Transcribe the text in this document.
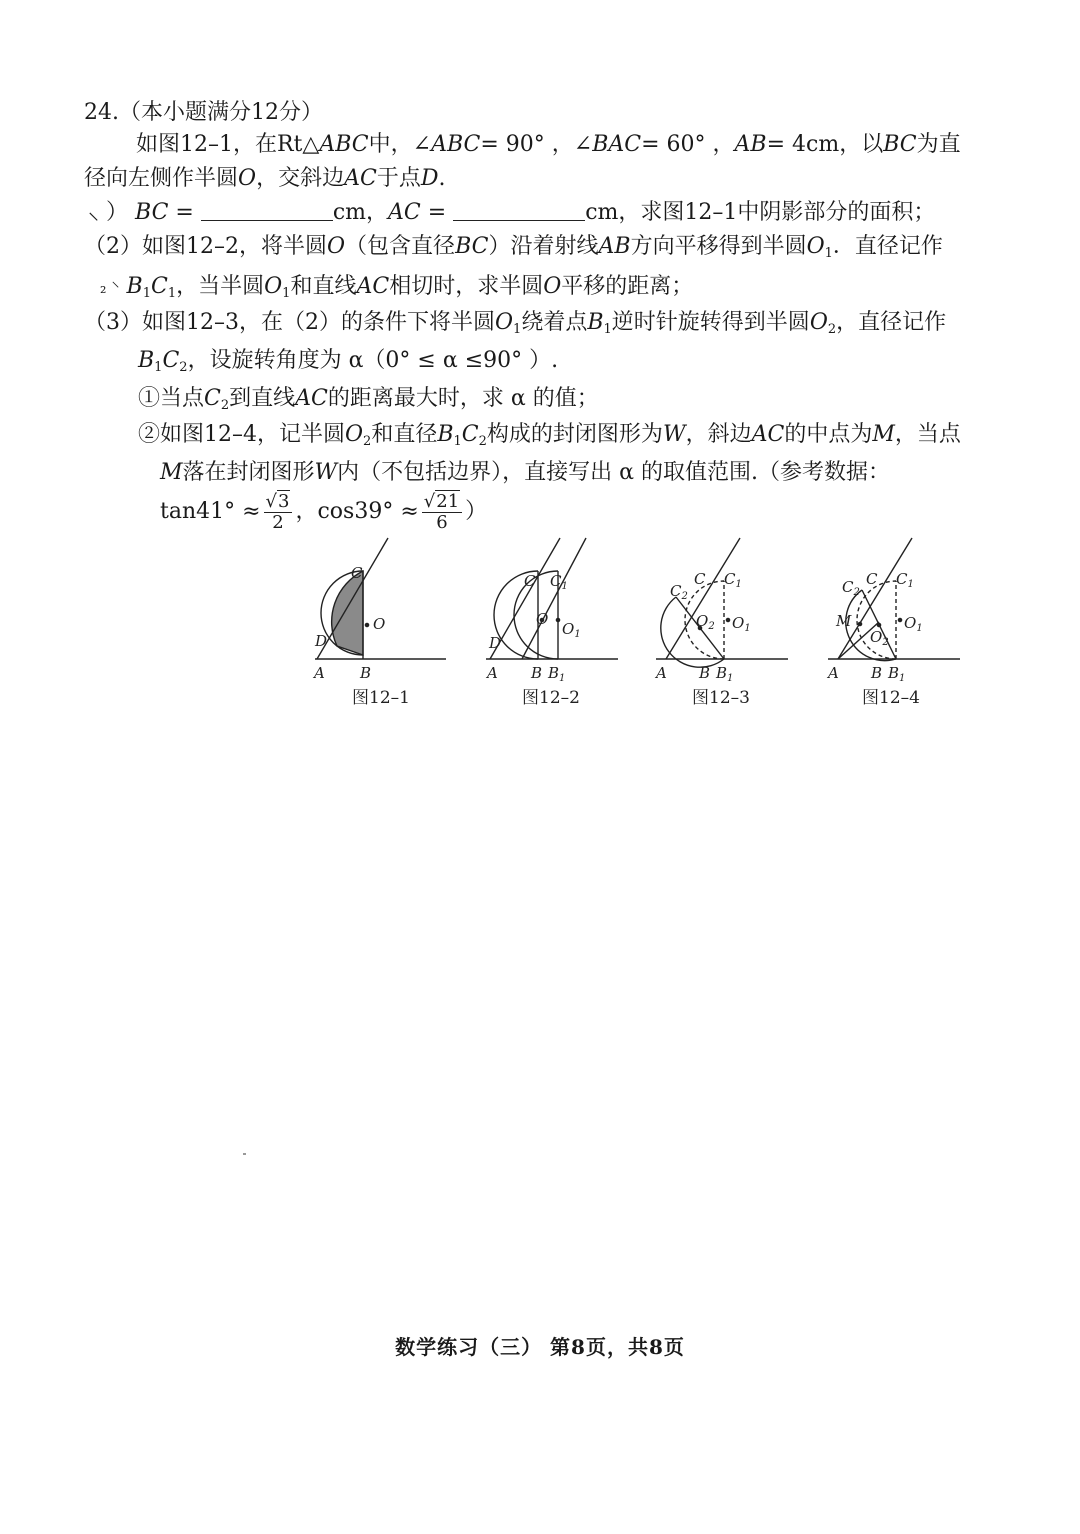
24.（本小题满分12分）
如图12–1，在Rt△ABC中，∠ABC= 90° ，∠BAC= 60° ，AB= 4cm，以BC为直
径向左侧作半圆O，交斜边AC于点D.
⸜ ） BC =	cm，AC =	cm，求图12–1中阴影部分的面积；
（2）如图12–2，将半圆O（包含直径BC）沿着射线AB方向平移得到半圆$O_1$．直径记作
₂ ⸌ $B_1C_1$，当半圆$O_1$和直线AC相切时，求半圆O平移的距离；
（3）如图12–3，在（2）的条件下将半圆$O_1$绕着点$B_1$逆时针旋转得到半圆$O_2$，直径记作
$B_1C_2$，设旋转角度为 α（0° ≤ α ≤90° ）.
①当点$C_2$到直线AC的距离最大时，求 α 的值；
②如图12–4，记半圆$O_2$和直径$B_1C_2$构成的封闭图形为W，斜边AC的中点为M，当点
M落在封闭图形W内（不包括边界），直接写出 α 的取值范围.（参考数据：
$\tan 41^\circ \approx \frac{√3}{2}$ ，$\cos 39^\circ \approx \frac{√21}{6}$ ）
C
O
D
A B
图12–1
C $C_1$
O
$O_1$
D
A B $B_1$
图12–2
$C_2$
C $C_1$
$O_2$ $O_1$
A B $B_1$
图12–3
$C_2$
C $C_1$
M
$O_2$
$O_1$
A B $B_1$
图12–4
数学练习（三） 第8页，共8页
